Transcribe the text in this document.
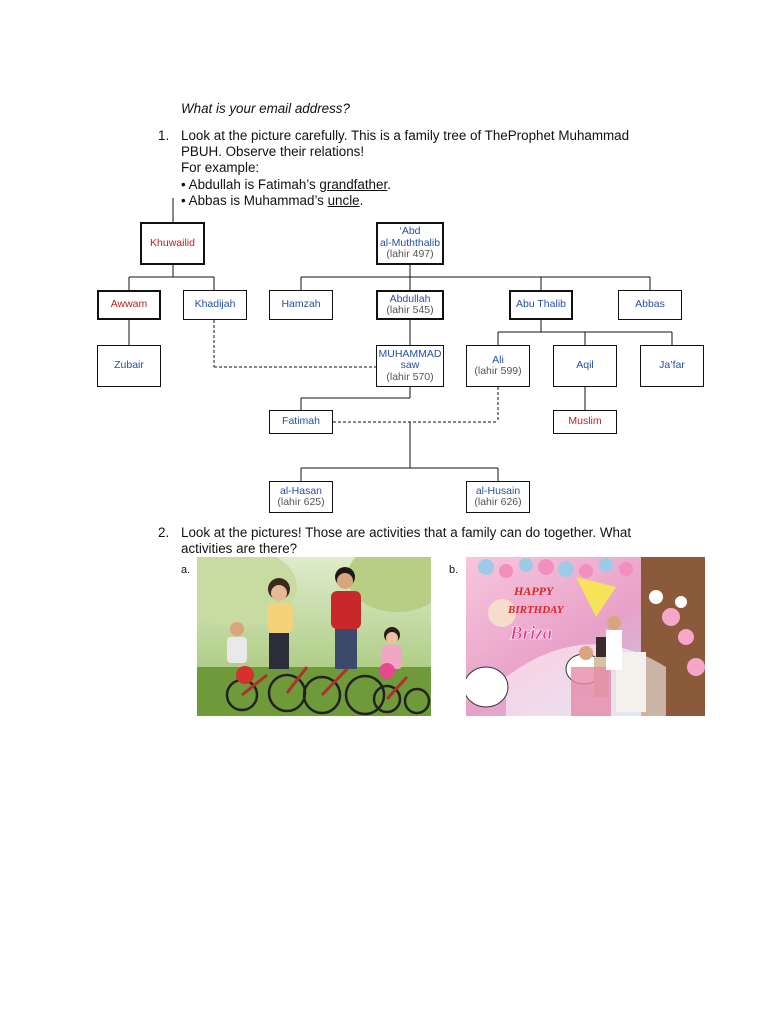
What is your email address?
1. Look at the picture carefully. This is a family tree of TheProphet Muhammad
PBUH. Observe their relations!
For example:
• Abdullah is Fatimah’s grandfather.
• Abbas is Muhammad’s uncle.
Khuwailid
‘Abd
al-Muththalib
(lahir 497)
Awwam	Khadijah	Hamzah	Abdullah
(lahir 545)	Abu Thalib	Abbas
Zubair
MUHAMMAD
saw
(lahir 570)
Ali
(lahir 599)	Aqil	Ja’far
Fatimah	Muslim
al-Hasan
(lahir 625)
al-Husain
(lahir 626)
2. Look at the pictures! Those are activities that a family can do together. What
activities are there?
a.	b.
HAPPY
BIRTHDAY
Briza
